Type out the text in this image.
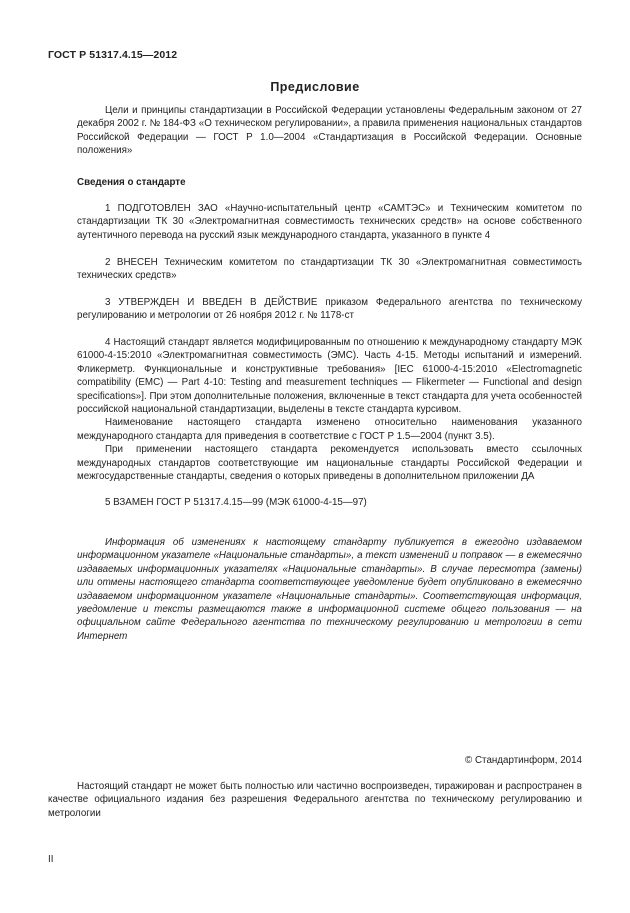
ГОСТ Р 51317.4.15—2012
Предисловие

Цели и принципы стандартизации в Российской Федерации установлены Федеральным законом от 27 декабря 2002 г. № 184-ФЗ «О техническом регулировании», а правила применения национальных стандартов Российской Федерации — ГОСТ Р 1.0—2004 «Стандартизация в Российской Федерации. Основные положения»

Сведения о стандарте

1 ПОДГОТОВЛЕН ЗАО «Научно-испытательный центр «САМТЭС» и Техническим комитетом по стандартизации ТК 30 «Электромагнитная совместимость технических средств» на основе собственного аутентичного перевода на русский язык международного стандарта, указанного в пункте 4

2 ВНЕСЕН Техническим комитетом по стандартизации ТК 30 «Электромагнитная совместимость технических средств»

3 УТВЕРЖДЕН И ВВЕДЕН В ДЕЙСТВИЕ приказом Федерального агентства по техническому регулированию и метрологии от 26 ноября 2012 г. № 1178-ст

4 Настоящий стандарт является модифицированным по отношению к международному стандарту МЭК 61000-4-15:2010 «Электромагнитная совместимость (ЭМС). Часть 4-15. Методы испытаний и измерений. Фликерметр. Функциональные и конструктивные требования» [IEC 61000-4-15:2010 «Electromagnetic compatibility (EMC) — Part 4-10: Testing and measurement techniques — Flikermeter — Functional and design specifications»]. При этом дополнительные положения, включенные в текст стандарта для учета особенностей российской национальной стандартизации, выделены в тексте стандарта курсивом.

Наименование настоящего стандарта изменено относительно наименования указанного международного стандарта для приведения в соответствие с ГОСТ Р 1.5—2004 (пункт 3.5).

При применении настоящего стандарта рекомендуется использовать вместо ссылочных международных стандартов соответствующие им национальные стандарты Российской Федерации и межгосударственные стандарты, сведения о которых приведены в дополнительном приложении ДА

5 ВЗАМЕН ГОСТ Р 51317.4.15—99 (МЭК 61000-4-15—97)

Информация об изменениях к настоящему стандарту публикуется в ежегодно издаваемом информационном указателе «Национальные стандарты», а текст изменений и поправок — в ежемесячно издаваемых информационных указателях «Национальные стандарты». В случае пересмотра (замены) или отмены настоящего стандарта соответствующее уведомление будет опубликовано в ежемесячно издаваемом информационном указателе «Национальные стандарты». Соответствующая информация, уведомление и тексты размещаются также в информационной системе общего пользования — на официальном сайте Федерального агентства по техническому регулированию и метрологии в сети Интернет

© Стандартинформ, 2014

Настоящий стандарт не может быть полностью или частично воспроизведен, тиражирован и распространен в качестве официального издания без разрешения Федерального агентства по техническому регулированию и метрологии

II
